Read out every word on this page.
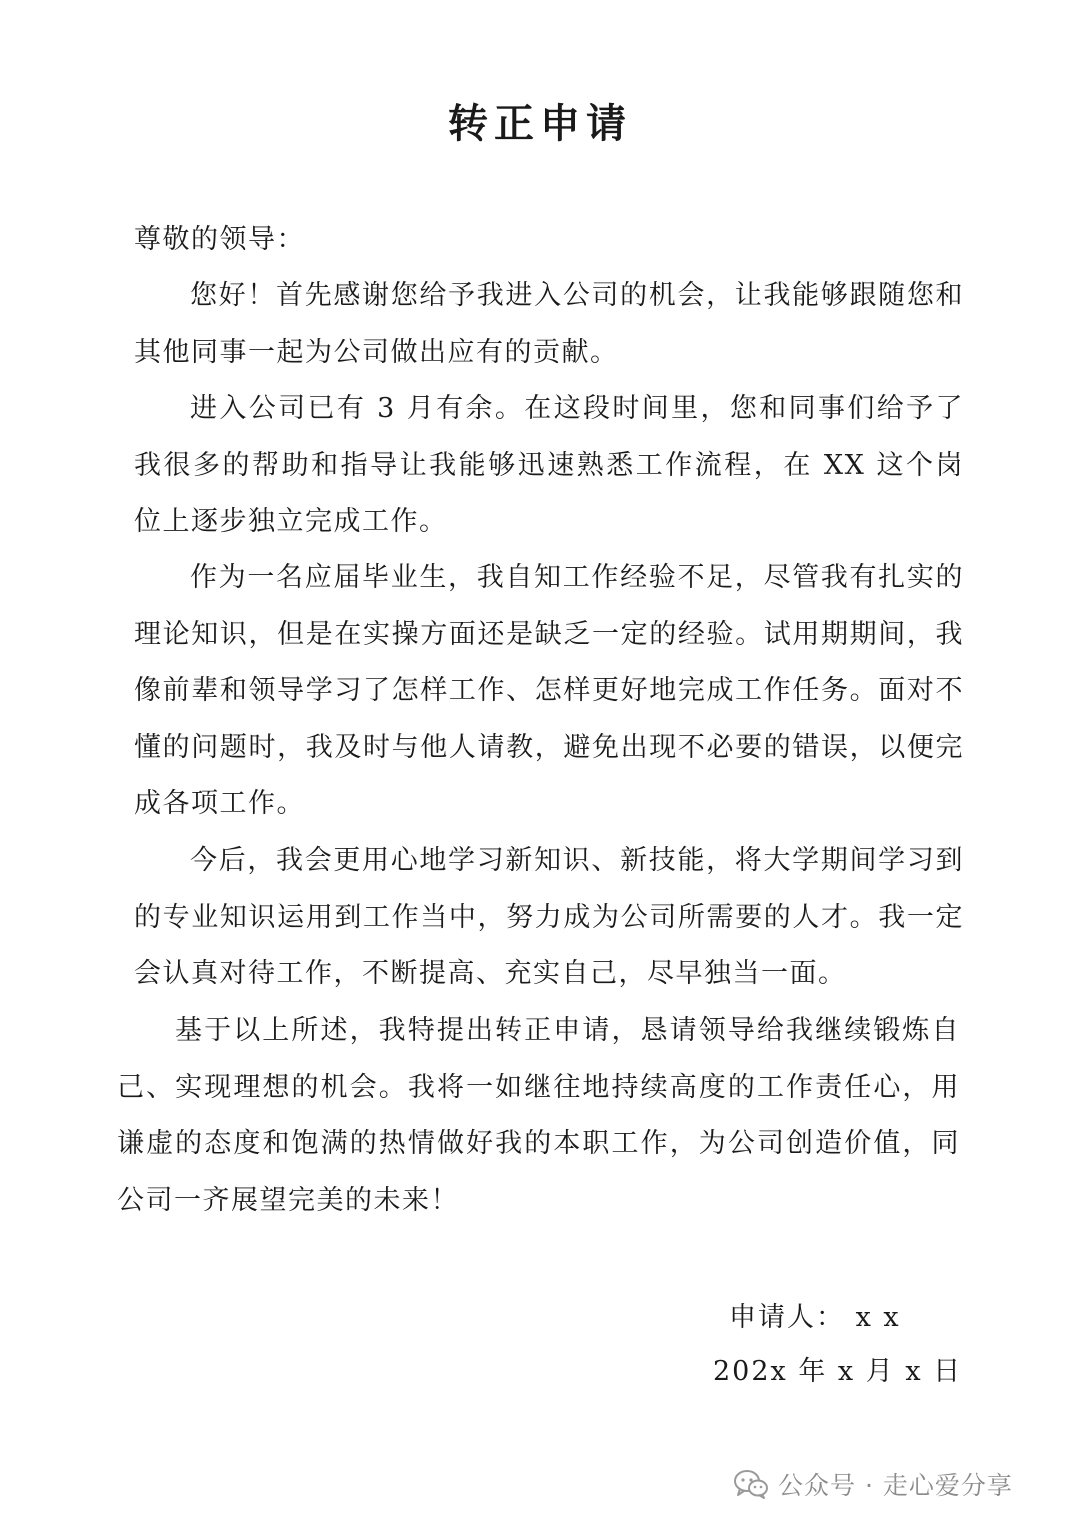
转正申请
尊敬的领导：
您好！首先感谢您给予我进入公司的机会，让我能够跟随您和其他同事一起为公司做出应有的贡献。
进入公司已有 3 月有余。在这段时间里，您和同事们给予了我很多的帮助和指导让我能够迅速熟悉工作流程，在 XX 这个岗位上逐步独立完成工作。
作为一名应届毕业生，我自知工作经验不足，尽管我有扎实的理论知识，但是在实操方面还是缺乏一定的经验。试用期期间，我像前辈和领导学习了怎样工作、怎样更好地完成工作任务。面对不懂的问题时，我及时与他人请教，避免出现不必要的错误，以便完成各项工作。
今后，我会更用心地学习新知识、新技能，将大学期间学习到的专业知识运用到工作当中，努力成为公司所需要的人才。我一定会认真对待工作，不断提高、充实自己，尽早独当一面。
基于以上所述，我特提出转正申请，恳请领导给我继续锻炼自己、实现理想的机会。我将一如继往地持续高度的工作责任心，用谦虚的态度和饱满的热情做好我的本职工作，为公司创造价值，同公司一齐展望完美的未来！
申请人： x x
202x 年 x 月 x 日
公众号 · 走心爱分享
